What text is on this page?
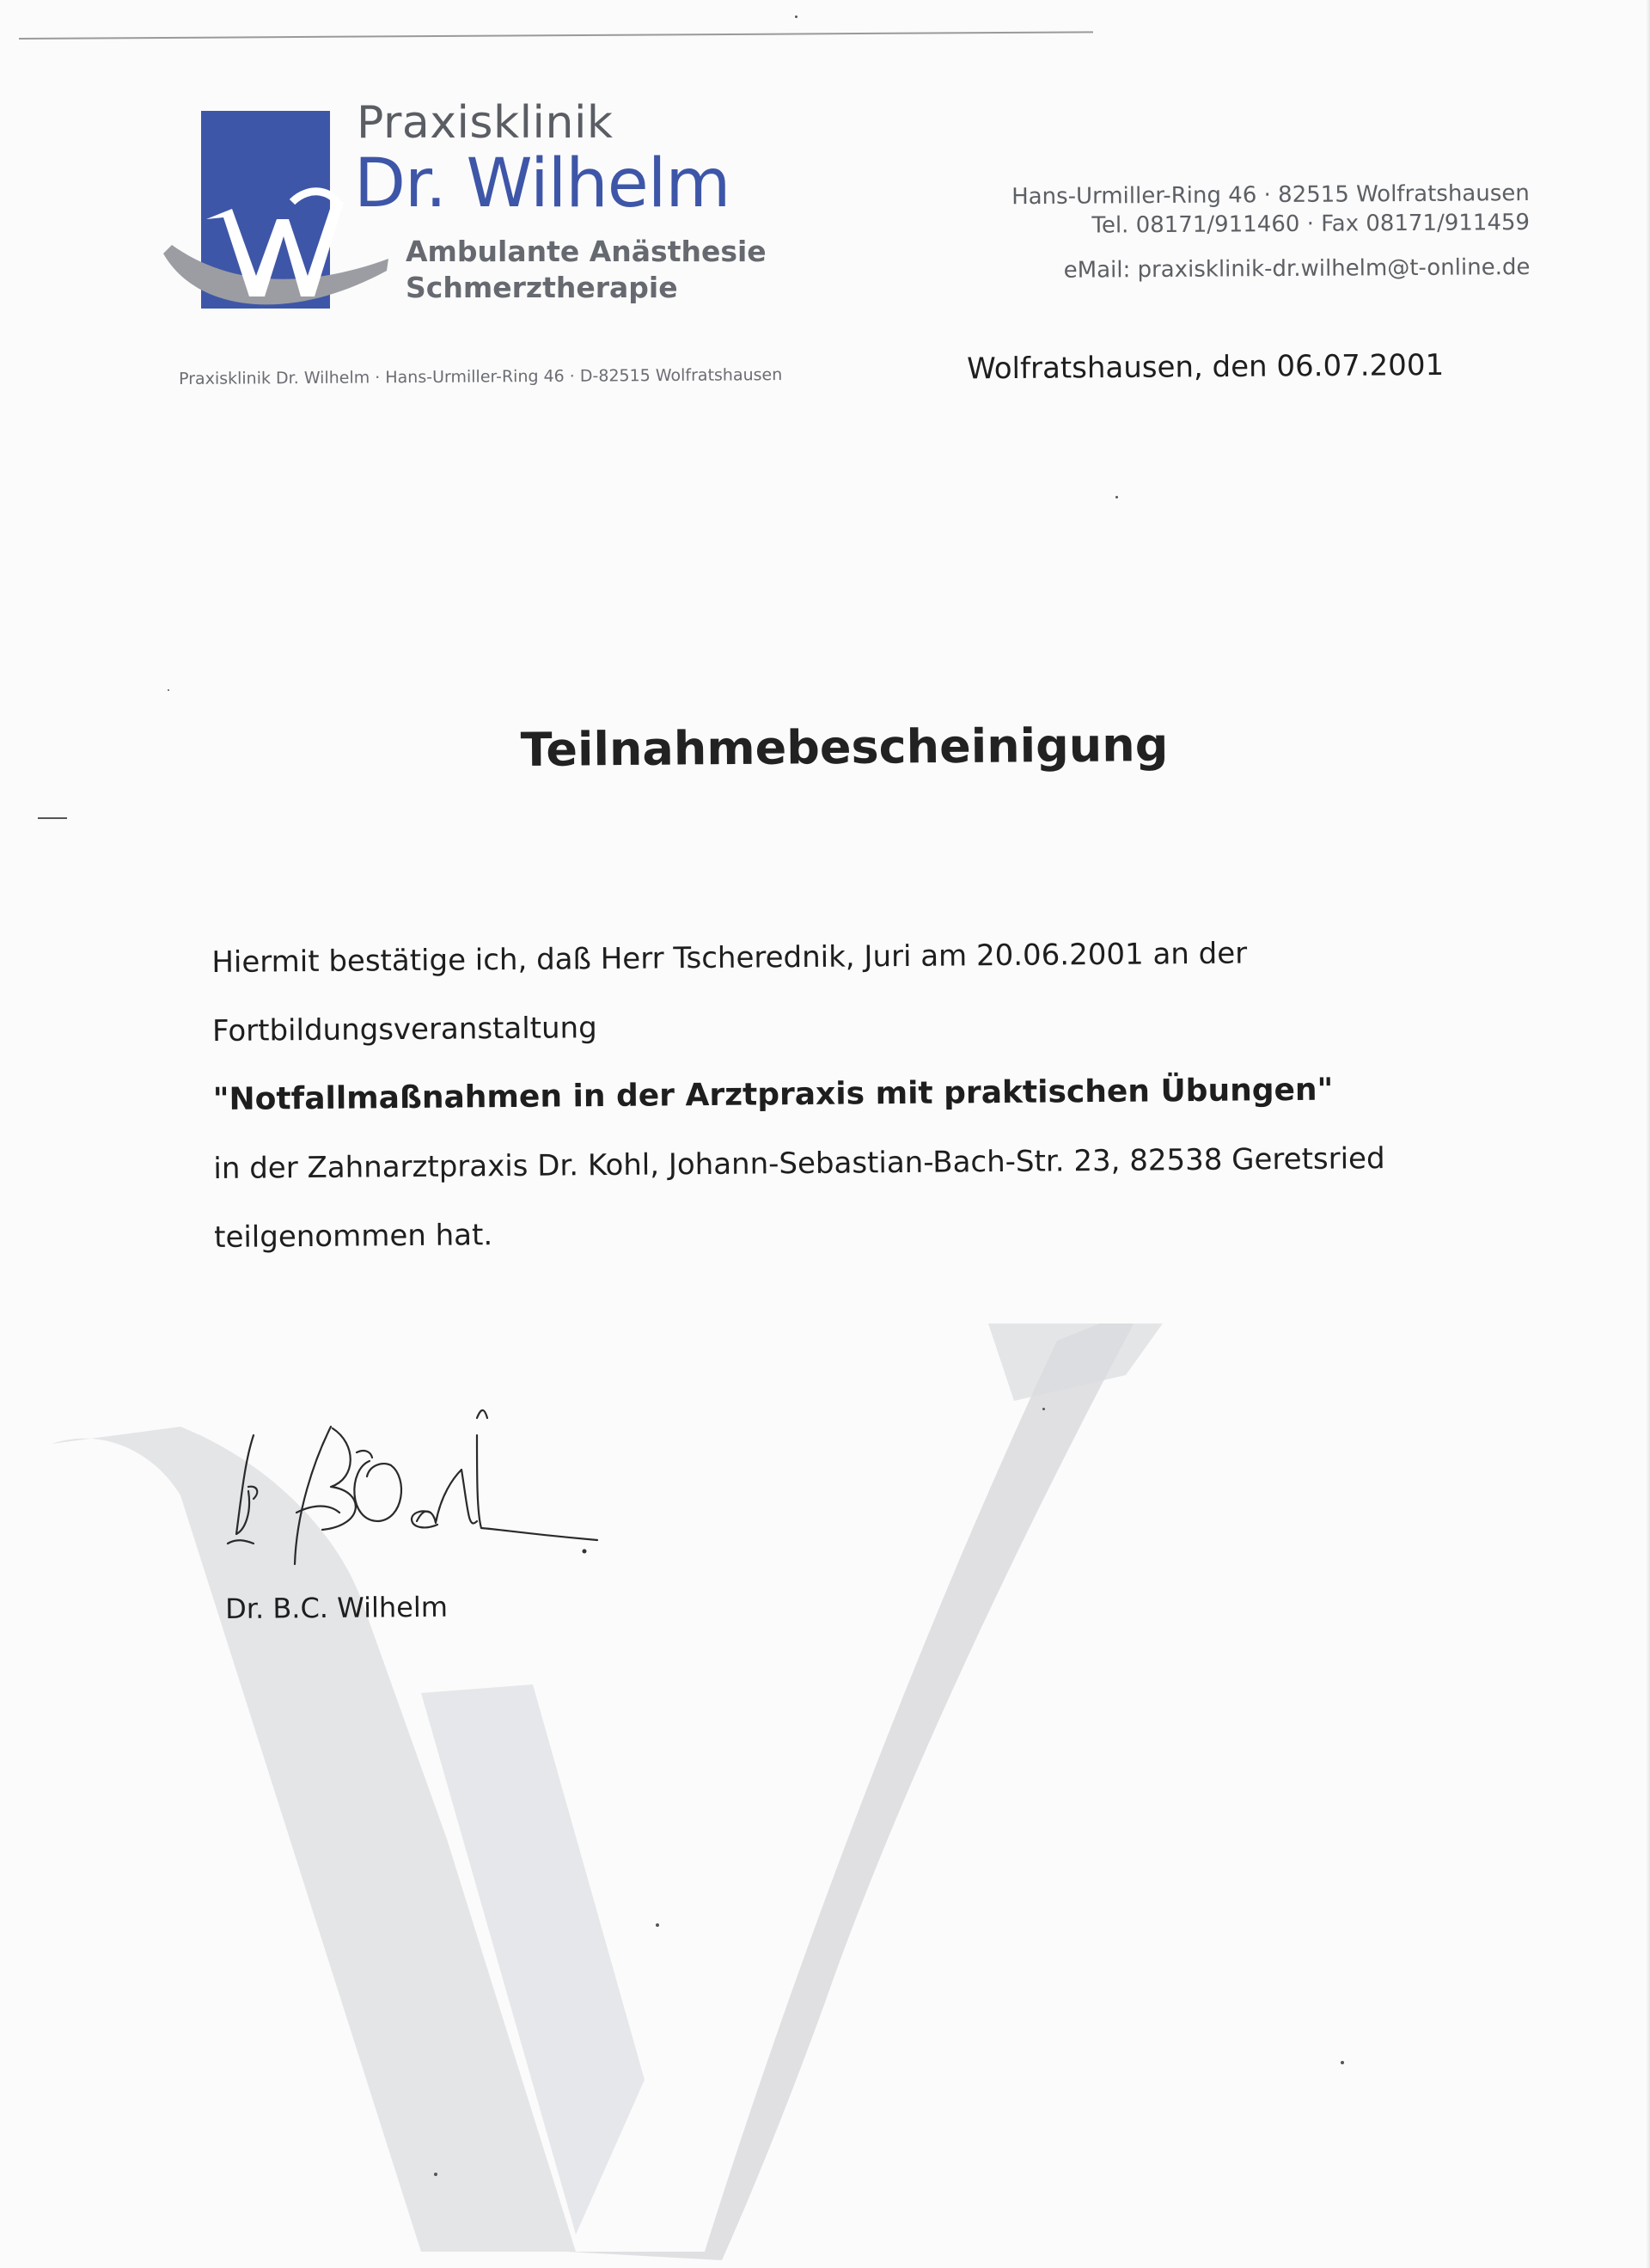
Praxisklinik
Dr. Wilhelm
Ambulante Anästhesie
Schmerztherapie
Hans-Urmiller-Ring 46 · 82515 Wolfratshausen
Tel. 08171/911460 · Fax 08171/911459
eMail: praxisklinik-dr.wilhelm@t-online.de
Praxisklinik Dr. Wilhelm · Hans-Urmiller-Ring 46 · D-82515 Wolfratshausen	Wolfratshausen, den 06.07.2001
Teilnahmebescheinigung
Hiermit bestätige ich, daß Herr Tscherednik, Juri am 20.06.2001 an der
Fortbildungsveranstaltung
"Notfallmaßnahmen in der Arztpraxis mit praktischen Übungen"
in der Zahnarztpraxis Dr. Kohl, Johann-Sebastian-Bach-Str. 23, 82538 Geretsried
teilgenommen hat.
Dr. B.C. Wilhelm
